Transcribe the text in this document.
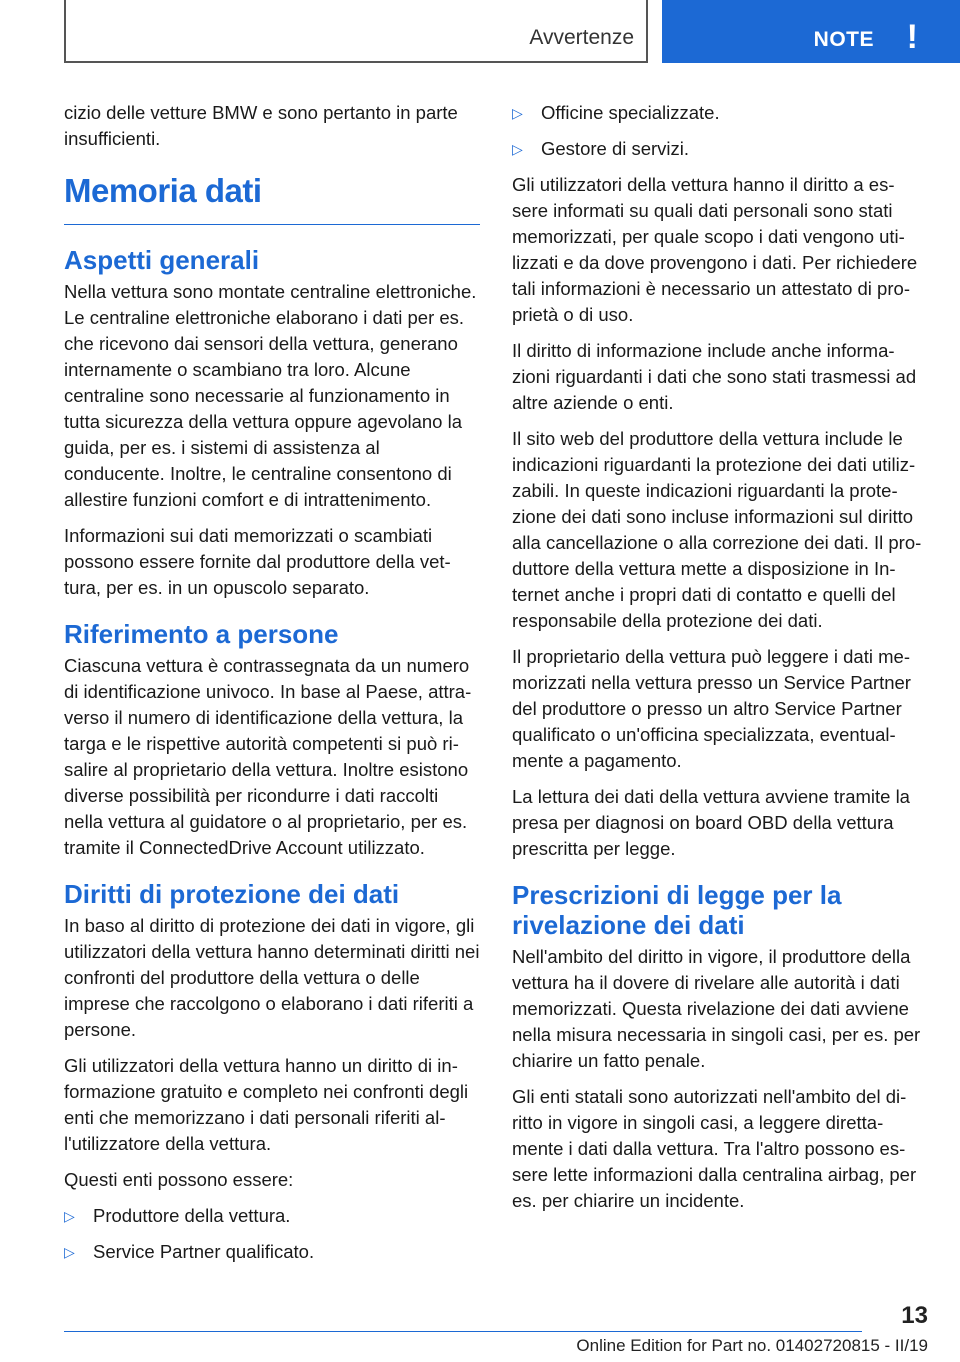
Avvertenze	NOTE !

cizio delle vetture BMW e sono pertanto in parte insufficienti.

Memoria dati
Aspetti generali

Nella vettura sono montate centraline elettroniche. Le centraline elettroniche elaborano i dati per es. che ricevono dai sensori della vettura, generano internamente o scambiano tra loro. Alcune centraline sono necessarie al funzionamento in tutta sicurezza della vettura oppure agevolano la guida, per es. i sistemi di assistenza al conducente. Inoltre, le centraline consentono di allestire funzioni comfort e di intrattenimento.

Informazioni sui dati memorizzati o scambiati possono essere fornite dal produttore della vettura, per es. in un opuscolo separato.

Riferimento a persone

Ciascuna vettura è contrassegnata da un numero di identificazione univoco. In base al Paese, attraverso il numero di identificazione della vettura, la targa e le rispettive autorità competenti si può risalire al proprietario della vettura. Inoltre esistono diverse possibilità per ricondurre i dati raccolti nella vettura al guidatore o al proprietario, per es. tramite il ConnectedDrive Account utilizzato.

Diritti di protezione dei dati

In baso al diritto di protezione dei dati in vigore, gli utilizzatori della vettura hanno determinati diritti nei confronti del produttore della vettura o delle imprese che raccolgono o elaborano i dati riferiti a persone.

Gli utilizzatori della vettura hanno un diritto di informazione gratuito e completo nei confronti degli enti che memorizzano i dati personali riferiti all'utilizzatore della vettura.

Questi enti possono essere:

▷ Produttore della vettura.
▷ Service Partner qualificato.
▷ Officine specializzate.
▷ Gestore di servizi.

Gli utilizzatori della vettura hanno il diritto a essere informati su quali dati personali sono stati memorizzati, per quale scopo i dati vengono utilizzati e da dove provengono i dati. Per richiedere tali informazioni è necessario un attestato di proprietà o di uso.

Il diritto di informazione include anche informazioni riguardanti i dati che sono stati trasmessi ad altre aziende o enti.

Il sito web del produttore della vettura include le indicazioni riguardanti la protezione dei dati utilizzabili. In queste indicazioni riguardanti la protezione dei dati sono incluse informazioni sul diritto alla cancellazione o alla correzione dei dati. Il produttore della vettura mette a disposizione in Internet anche i propri dati di contatto e quelli del responsabile della protezione dei dati.

Il proprietario della vettura può leggere i dati memorizzati nella vettura presso un Service Partner del produttore o presso un altro Service Partner qualificato o un'officina specializzata, eventualmente a pagamento.

La lettura dei dati della vettura avviene tramite la presa per diagnosi on board OBD della vettura prescritta per legge.

Prescrizioni di legge per la rivelazione dei dati

Nell'ambito del diritto in vigore, il produttore della vettura ha il dovere di rivelare alle autorità i dati memorizzati. Questa rivelazione dei dati avviene nella misura necessaria in singoli casi, per es. per chiarire un fatto penale.

Gli enti statali sono autorizzati nell'ambito del diritto in vigore in singoli casi, a leggere direttamente i dati dalla vettura. Tra l'altro possono essere lette informazioni dalla centralina airbag, per es. per chiarire un incidente.

13
Online Edition for Part no. 01402720815 - II/19
